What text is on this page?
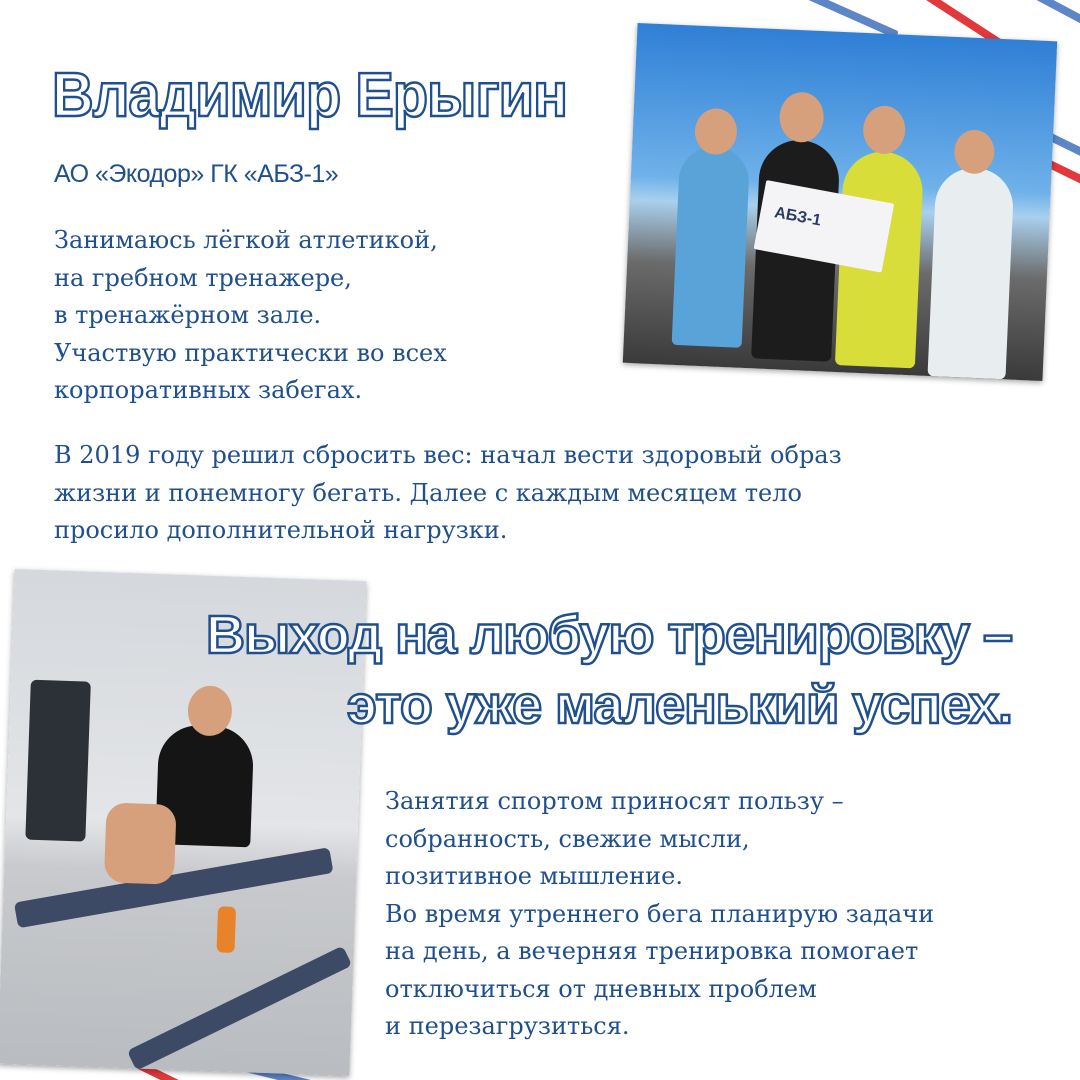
Владимир Ерыгин

АО «Экодор» ГК «АБЗ-1»

Занимаюсь лёгкой атлетикой,
на гребном тренажере,
в тренажёрном зале.
Участвую практически во всех
корпоративных забегах.

АБЗ-1

В 2019 году решил сбросить вес: начал вести здоровый образ
жизни и понемногу бегать. Далее с каждым месяцем тело
просило дополнительной нагрузки.

Выход на любую тренировку –
это уже маленький успех.

Занятия спортом приносят пользу –
собранность, свежие мысли,
позитивное мышление.
Во время утреннего бега планирую задачи
на день, а вечерняя тренировка помогает
отключиться от дневных проблем
и перезагрузиться.
